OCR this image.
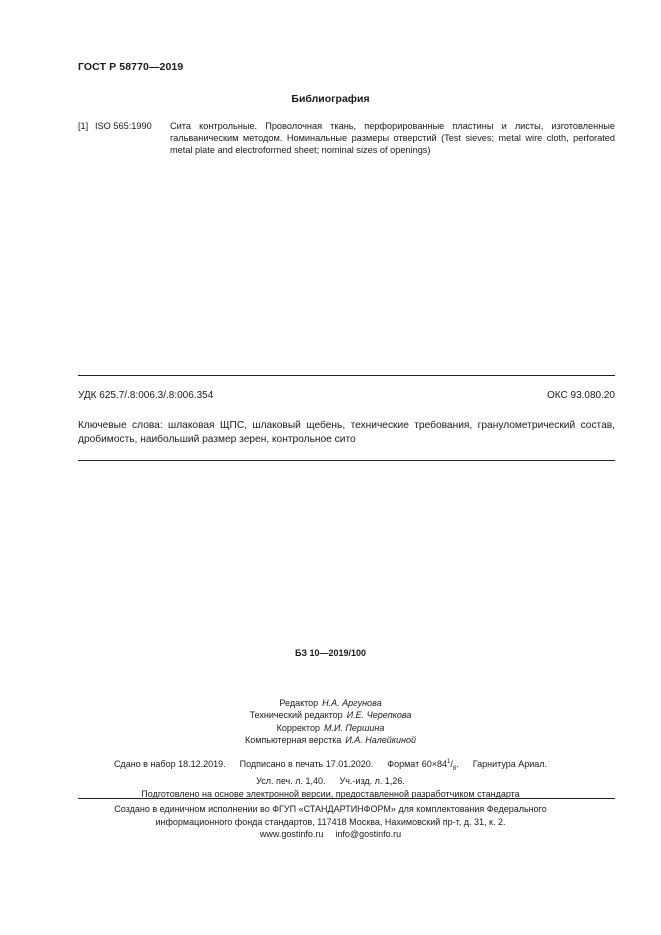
ГОСТ Р 58770—2019
Библиография
[1] ISO 565:1990 Сита контрольные. Проволочная ткань, перфорированные пластины и листы, изготовленные гальваническим методом. Номинальные размеры отверстий (Test sieves; metal wire cloth, perforated metal plate and electroformed sheet; nominal sizes of openings)
УДК 625.7/.8:006.3/.8:006.354	ОКС 93.080.20
Ключевые слова: шлаковая ЩПС, шлаковый щебень, технические требования, гранулометрический состав, дробимость, наибольший размер зерен, контрольное сито
БЗ 10—2019/100
Редактор Н.А. Аргунова
Технический редактор И.Е. Черепкова
Корректор М.И. Першина
Компьютерная верстка И.А. Налейкиной
Сдано в набор 18.12.2019. Подписано в печать 17.01.2020. Формат $60\times 84^1/_8$. Гарнитура Ариал.
Усл. печ. л. 1,40. Уч.-изд. л. 1,26.
Подготовлено на основе электронной версии, предоставленной разработчиком стандарта
Создано в единичном исполнении во ФГУП «СТАНДАРТИНФОРМ» для комплектования Федерального
информационного фонда стандартов, 117418 Москва, Нахимовский пр-т, д. 31, к. 2.
www.gostinfo.ru info@gostinfo.ru
